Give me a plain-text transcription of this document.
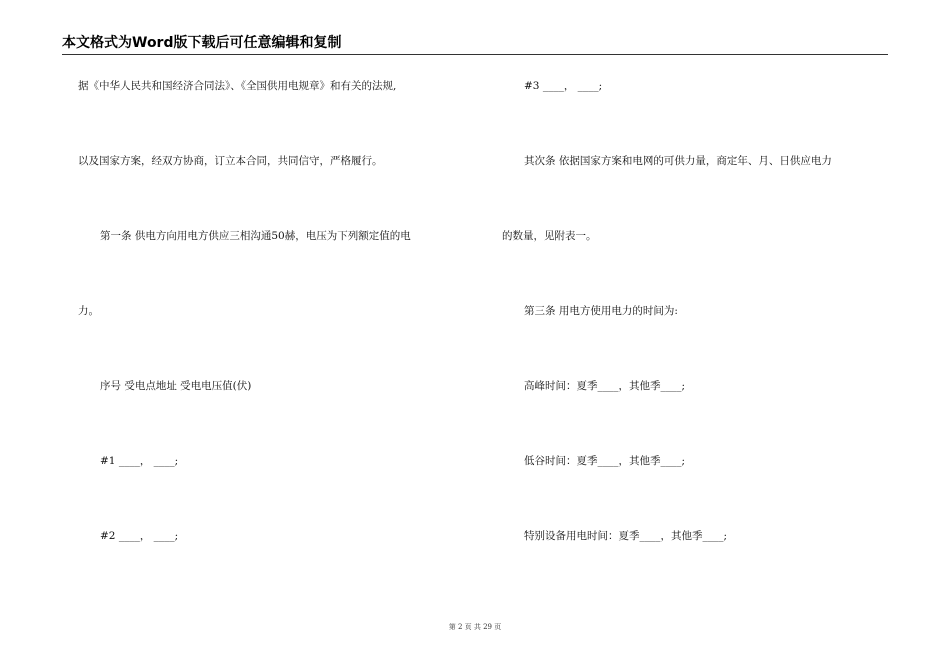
本文格式为Word版下载后可任意编辑和复制
据《中华人民共和国经济合同法》、《全国供用电规章》和有关的法规,
以及国家方案，经双方协商，订立本合同，共同信守，严格履行。
第一条 供电方向用电方供应三相沟通50赫，电压为下列额定值的电
力。
序号 受电点地址 受电电压值(伏)
#1 ____， ____;
#2 ____， ____;
#3 ____， ____;
其次条 依据国家方案和电网的可供力量，商定年、月、日供应电力
的数量，见附表一。
第三条 用电方使用电力的时间为:
高峰时间：夏季____，其他季____;
低谷时间：夏季____，其他季____;
特别设备用电时间：夏季____，其他季____;
第 2 页 共 29 页
